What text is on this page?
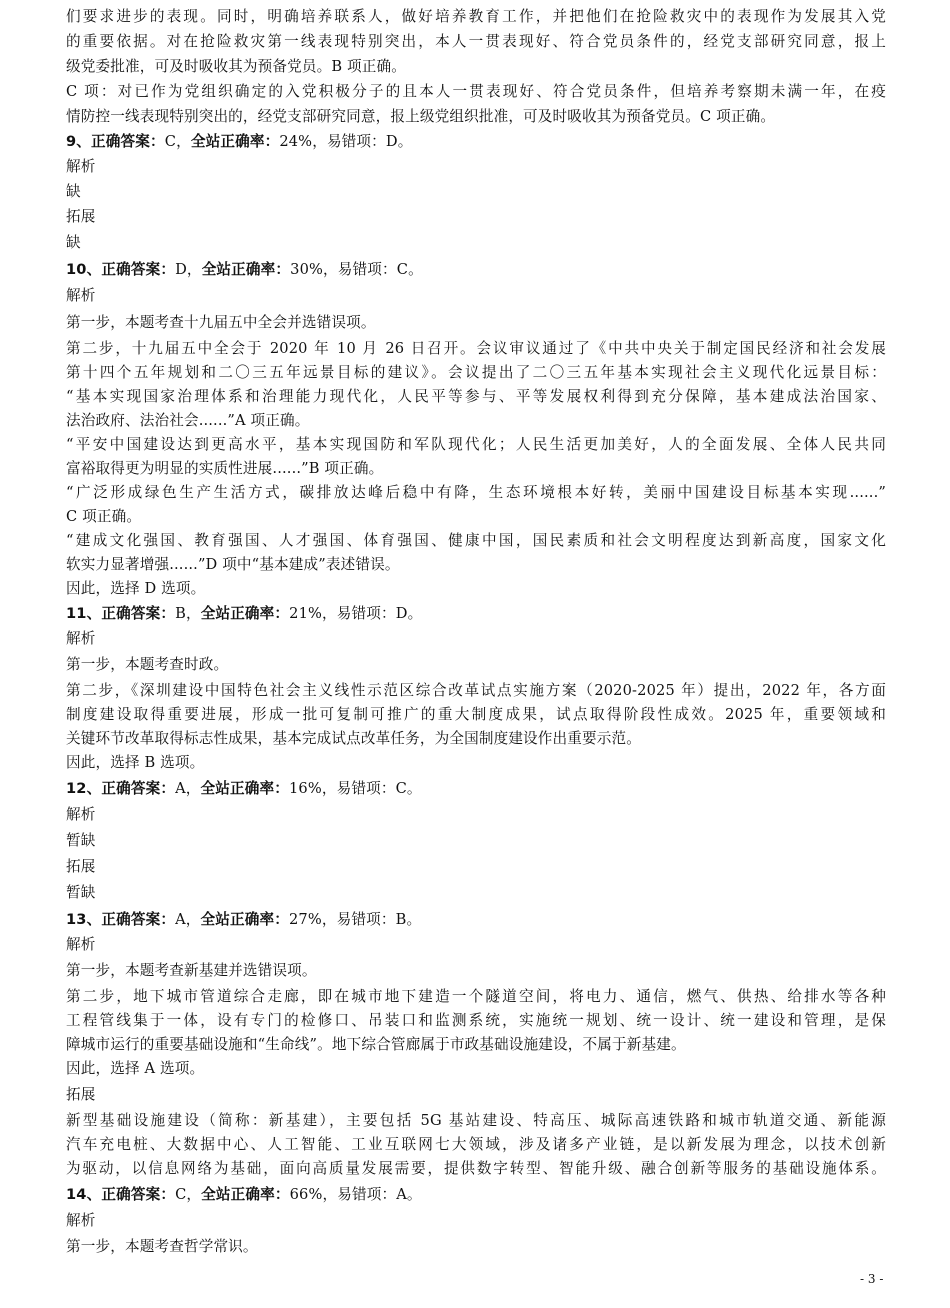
们要求进步的表现。同时，明确培养联系人，做好培养教育工作，并把他们在抢险救灾中的表现作为发展其入党
的重要依据。对在抢险救灾第一线表现特别突出，本人一贯表现好、符合党员条件的，经党支部研究同意，报上
级党委批准，可及时吸收其为预备党员。B 项正确。
C 项：对已作为党组织确定的入党积极分子的且本人一贯表现好、符合党员条件，但培养考察期未满一年，在疫
情防控一线表现特别突出的，经党支部研究同意，报上级党组织批准，可及时吸收其为预备党员。C 项正确。
9、正确答案：C，全站正确率：24%，易错项：D。
解析
缺
拓展
缺
10、正确答案：D，全站正确率：30%，易错项：C。
解析
第一步，本题考查十九届五中全会并选错误项。
第二步，十九届五中全会于 2020 年 10 月 26 日召开。会议审议通过了《中共中央关于制定国民经济和社会发展
第十四个五年规划和二〇三五年远景目标的建议》。会议提出了二〇三五年基本实现社会主义现代化远景目标：
“基本实现国家治理体系和治理能力现代化，人民平等参与、平等发展权利得到充分保障，基本建成法治国家、
法治政府、法治社会......”A 项正确。
“平安中国建设达到更高水平，基本实现国防和军队现代化；人民生活更加美好，人的全面发展、全体人民共同
富裕取得更为明显的实质性进展......”B 项正确。
“广泛形成绿色生产生活方式，碳排放达峰后稳中有降，生态环境根本好转，美丽中国建设目标基本实现......”
C 项正确。
“建成文化强国、教育强国、人才强国、体育强国、健康中国，国民素质和社会文明程度达到新高度，国家文化
软实力显著增强......”D 项中“基本建成”表述错误。
因此，选择 D 选项。
11、正确答案：B，全站正确率：21%，易错项：D。
解析
第一步，本题考查时政。
第二步，《深圳建设中国特色社会主义线性示范区综合改革试点实施方案（2020-2025 年）提出，2022 年，各方面
制度建设取得重要进展，形成一批可复制可推广的重大制度成果，试点取得阶段性成效。2025 年，重要领域和
关键环节改革取得标志性成果，基本完成试点改革任务，为全国制度建设作出重要示范。
因此，选择 B 选项。
12、正确答案：A，全站正确率：16%，易错项：C。
解析
暂缺
拓展
暂缺
13、正确答案：A，全站正确率：27%，易错项：B。
解析
第一步，本题考查新基建并选错误项。
第二步，地下城市管道综合走廊，即在城市地下建造一个隧道空间，将电力、通信，燃气、供热、给排水等各种
工程管线集于一体，设有专门的检修口、吊装口和监测系统，实施统一规划、统一设计、统一建设和管理，是保
障城市运行的重要基础设施和“生命线”。地下综合管廊属于市政基础设施建设，不属于新基建。
因此，选择 A 选项。
拓展
新型基础设施建设（简称：新基建），主要包括 5G 基站建设、特高压、城际高速铁路和城市轨道交通、新能源
汽车充电桩、大数据中心、人工智能、工业互联网七大领域，涉及诸多产业链，是以新发展为理念，以技术创新
为驱动，以信息网络为基础，面向高质量发展需要，提供数字转型、智能升级、融合创新等服务的基础设施体系。
14、正确答案：C，全站正确率：66%，易错项：A。
解析
第一步，本题考查哲学常识。
- 3 -
